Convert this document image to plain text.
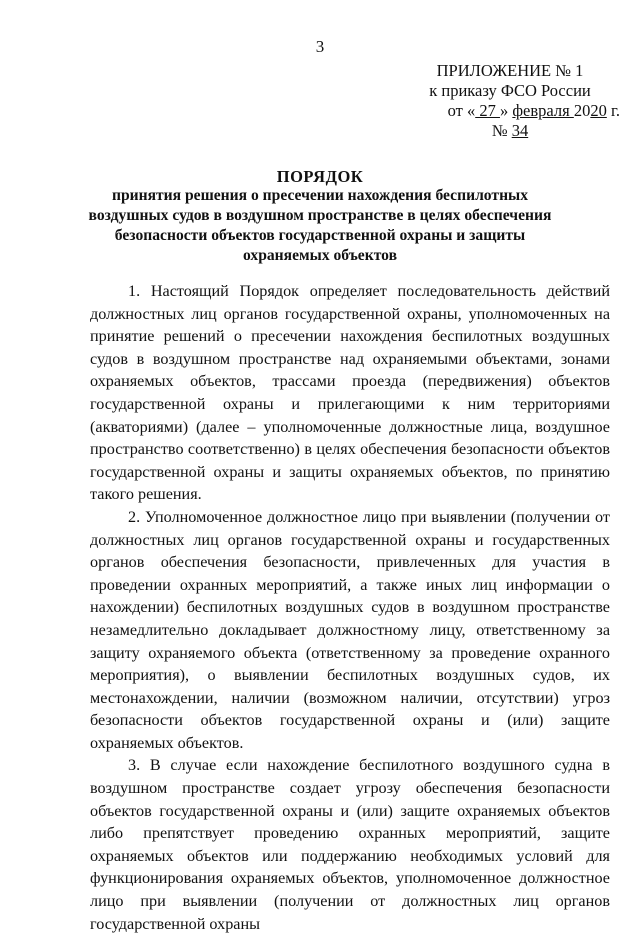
3
ПРИЛОЖЕНИЕ № 1
к приказу ФСО России
от « 27 » февраля 2020 г.
№ 34
ПОРЯДОК
принятия решения о пресечении нахождения беспилотных воздушных судов в воздушном пространстве в целях обеспечения безопасности объектов государственной охраны и защиты охраняемых объектов

1. Настоящий Порядок определяет последовательность действий должностных лиц органов государственной охраны, уполномоченных на принятие решений о пресечении нахождения беспилотных воздушных судов в воздушном пространстве над охраняемыми объектами, зонами охраняемых объектов, трассами проезда (передвижения) объектов государственной охраны и прилегающими к ним территориями (акваториями) (далее – уполномоченные должностные лица, воздушное пространство соответственно) в целях обеспечения безопасности объектов государственной охраны и защиты охраняемых объектов, по принятию такого решения.

2. Уполномоченное должностное лицо при выявлении (получении от должностных лиц органов государственной охраны и государственных органов обеспечения безопасности, привлеченных для участия в проведении охранных мероприятий, а также иных лиц информации о нахождении) беспилотных воздушных судов в воздушном пространстве незамедлительно докладывает должностному лицу, ответственному за защиту охраняемого объекта (ответственному за проведение охранного мероприятия), о выявлении беспилотных воздушных судов, их местонахождении, наличии (возможном наличии, отсутствии) угроз безопасности объектов государственной охраны и (или) защите охраняемых объектов.

3. В случае если нахождение беспилотного воздушного судна в воздушном пространстве создает угрозу обеспечения безопасности объектов государственной охраны и (или) защите охраняемых объектов либо препятствует проведению охранных мероприятий, защите охраняемых объектов или поддержанию необходимых условий для функционирования охраняемых объектов, уполномоченное должностное лицо при выявлении (получении от должностных лиц органов государственной охраны
